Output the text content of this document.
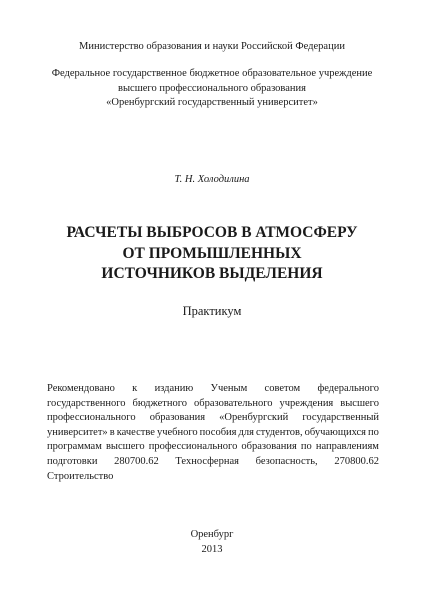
Министерство образования и науки Российской Федерации
Федеральное государственное бюджетное образовательное учреждение
высшего профессионального образования
«Оренбургский государственный университет»
Т. Н. Холодилина
РАСЧЕТЫ ВЫБРОСОВ В АТМОСФЕРУ
ОТ ПРОМЫШЛЕННЫХ
ИСТОЧНИКОВ ВЫДЕЛЕНИЯ
Практикум
Рекомендовано к изданию Ученым советом федерального
государственного бюджетного образовательного учреждения высшего
профессионального образования «Оренбургский государственный
университет» в качестве учебного пособия для студентов, обучающихся по
программам высшего профессионального образования по направлениям
подготовки 280700.62 Техносферная безопасность, 270800.62
Строительство
Оренбург
2013
